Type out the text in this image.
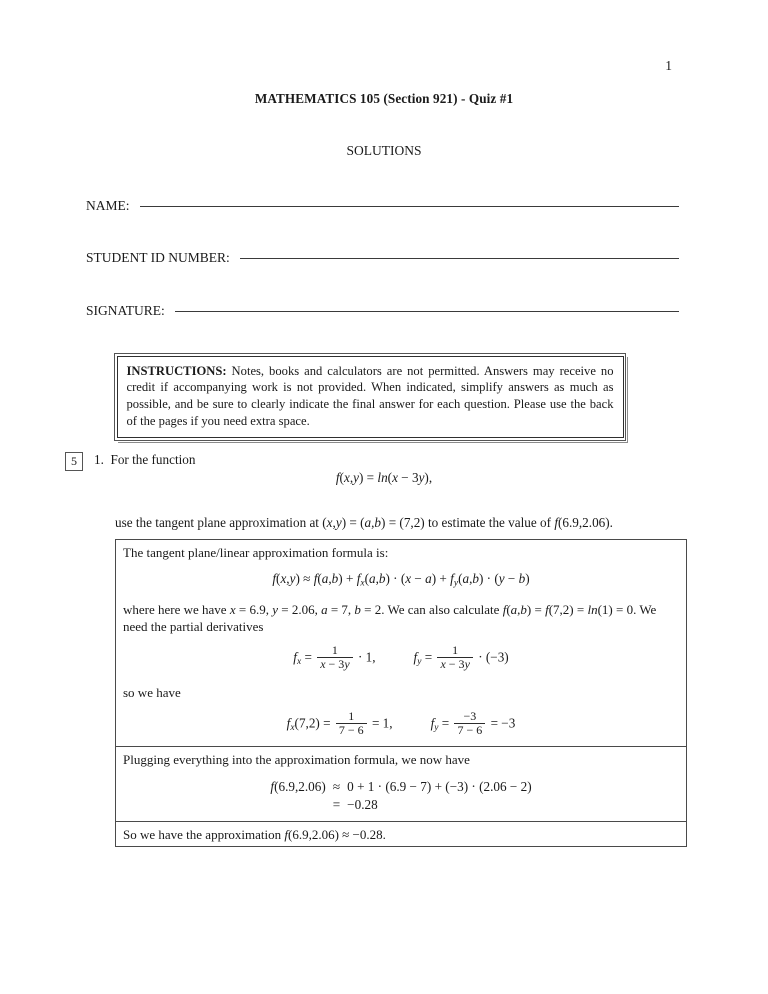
1
MATHEMATICS 105 (Section 921) - Quiz #1
SOLUTIONS
NAME:
STUDENT ID NUMBER:
SIGNATURE:
INSTRUCTIONS: Notes, books and calculators are not permitted. Answers may receive no credit if accompanying work is not provided. When indicated, simplify answers as much as possible, and be sure to clearly indicate the final answer for each question. Please use the back of the pages if you need extra space.
5	1. For the function
f(x,y) = ln(x − 3y),
use the tangent plane approximation at (x,y) = (a,b) = (7,2) to estimate the value of f(6.9,2.06).
The tangent plane/linear approximation formula is:
$f(x,y) \approx f(a,b) + f_x(a,b) \cdot (x - a) + f_y(a,b) \cdot (y - b)$
where here we have x = 6.9, y = 2.06, a = 7, b = 2. We can also calculate f(a,b) = f(7,2) = ln(1) = 0. We need the partial derivatives
$f_x = \frac{1}{x - 3y} \cdot 1$,	$f_y = \frac{1}{x - 3y} \cdot (-3)$
so we have
$f_x(7,2) = \frac{1}{7 - 6} = 1$,	$f_y = \frac{-3}{7 - 6} = -3$
Plugging everything into the approximation formula, we now have
f(6.9,2.06) ≈ 0 + 1 · (6.9 − 7) + (−3) · (2.06 − 2)
= −0.28
So we have the approximation f(6.9,2.06) ≈ −0.28.
